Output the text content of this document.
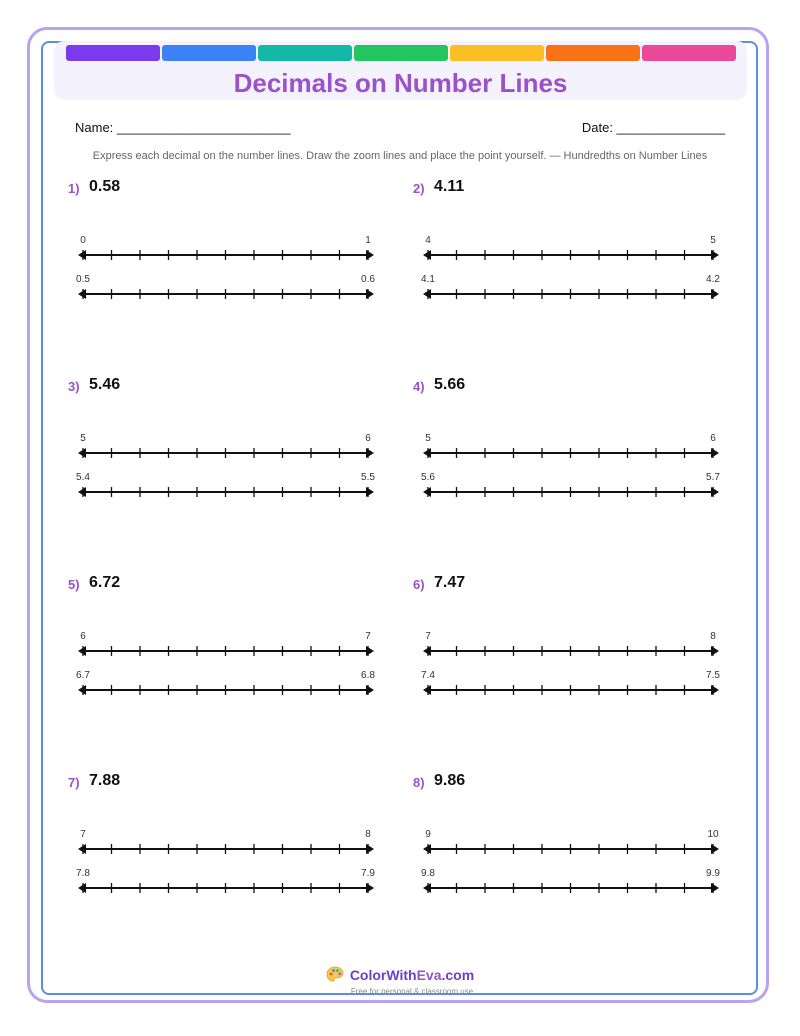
Decimals on Number Lines
Name: ________________________	Date: _______________
Express each decimal on the number lines. Draw the zoom lines and place the point yourself. — Hundredths on Number Lines
1) 0.58
0	1
0.5	0.6
2) 4.11
4	5
4.1	4.2
3) 5.46
5	6
5.4	5.5
4) 5.66
5	6
5.6	5.7
5) 6.72
6	7
6.7	6.8
6) 7.47
7	8
7.4	7.5
7) 7.88
7	8
7.8	7.9
8) 9.86
9	10
9.8	9.9
ColorWithEva.com
Free for personal & classroom use
